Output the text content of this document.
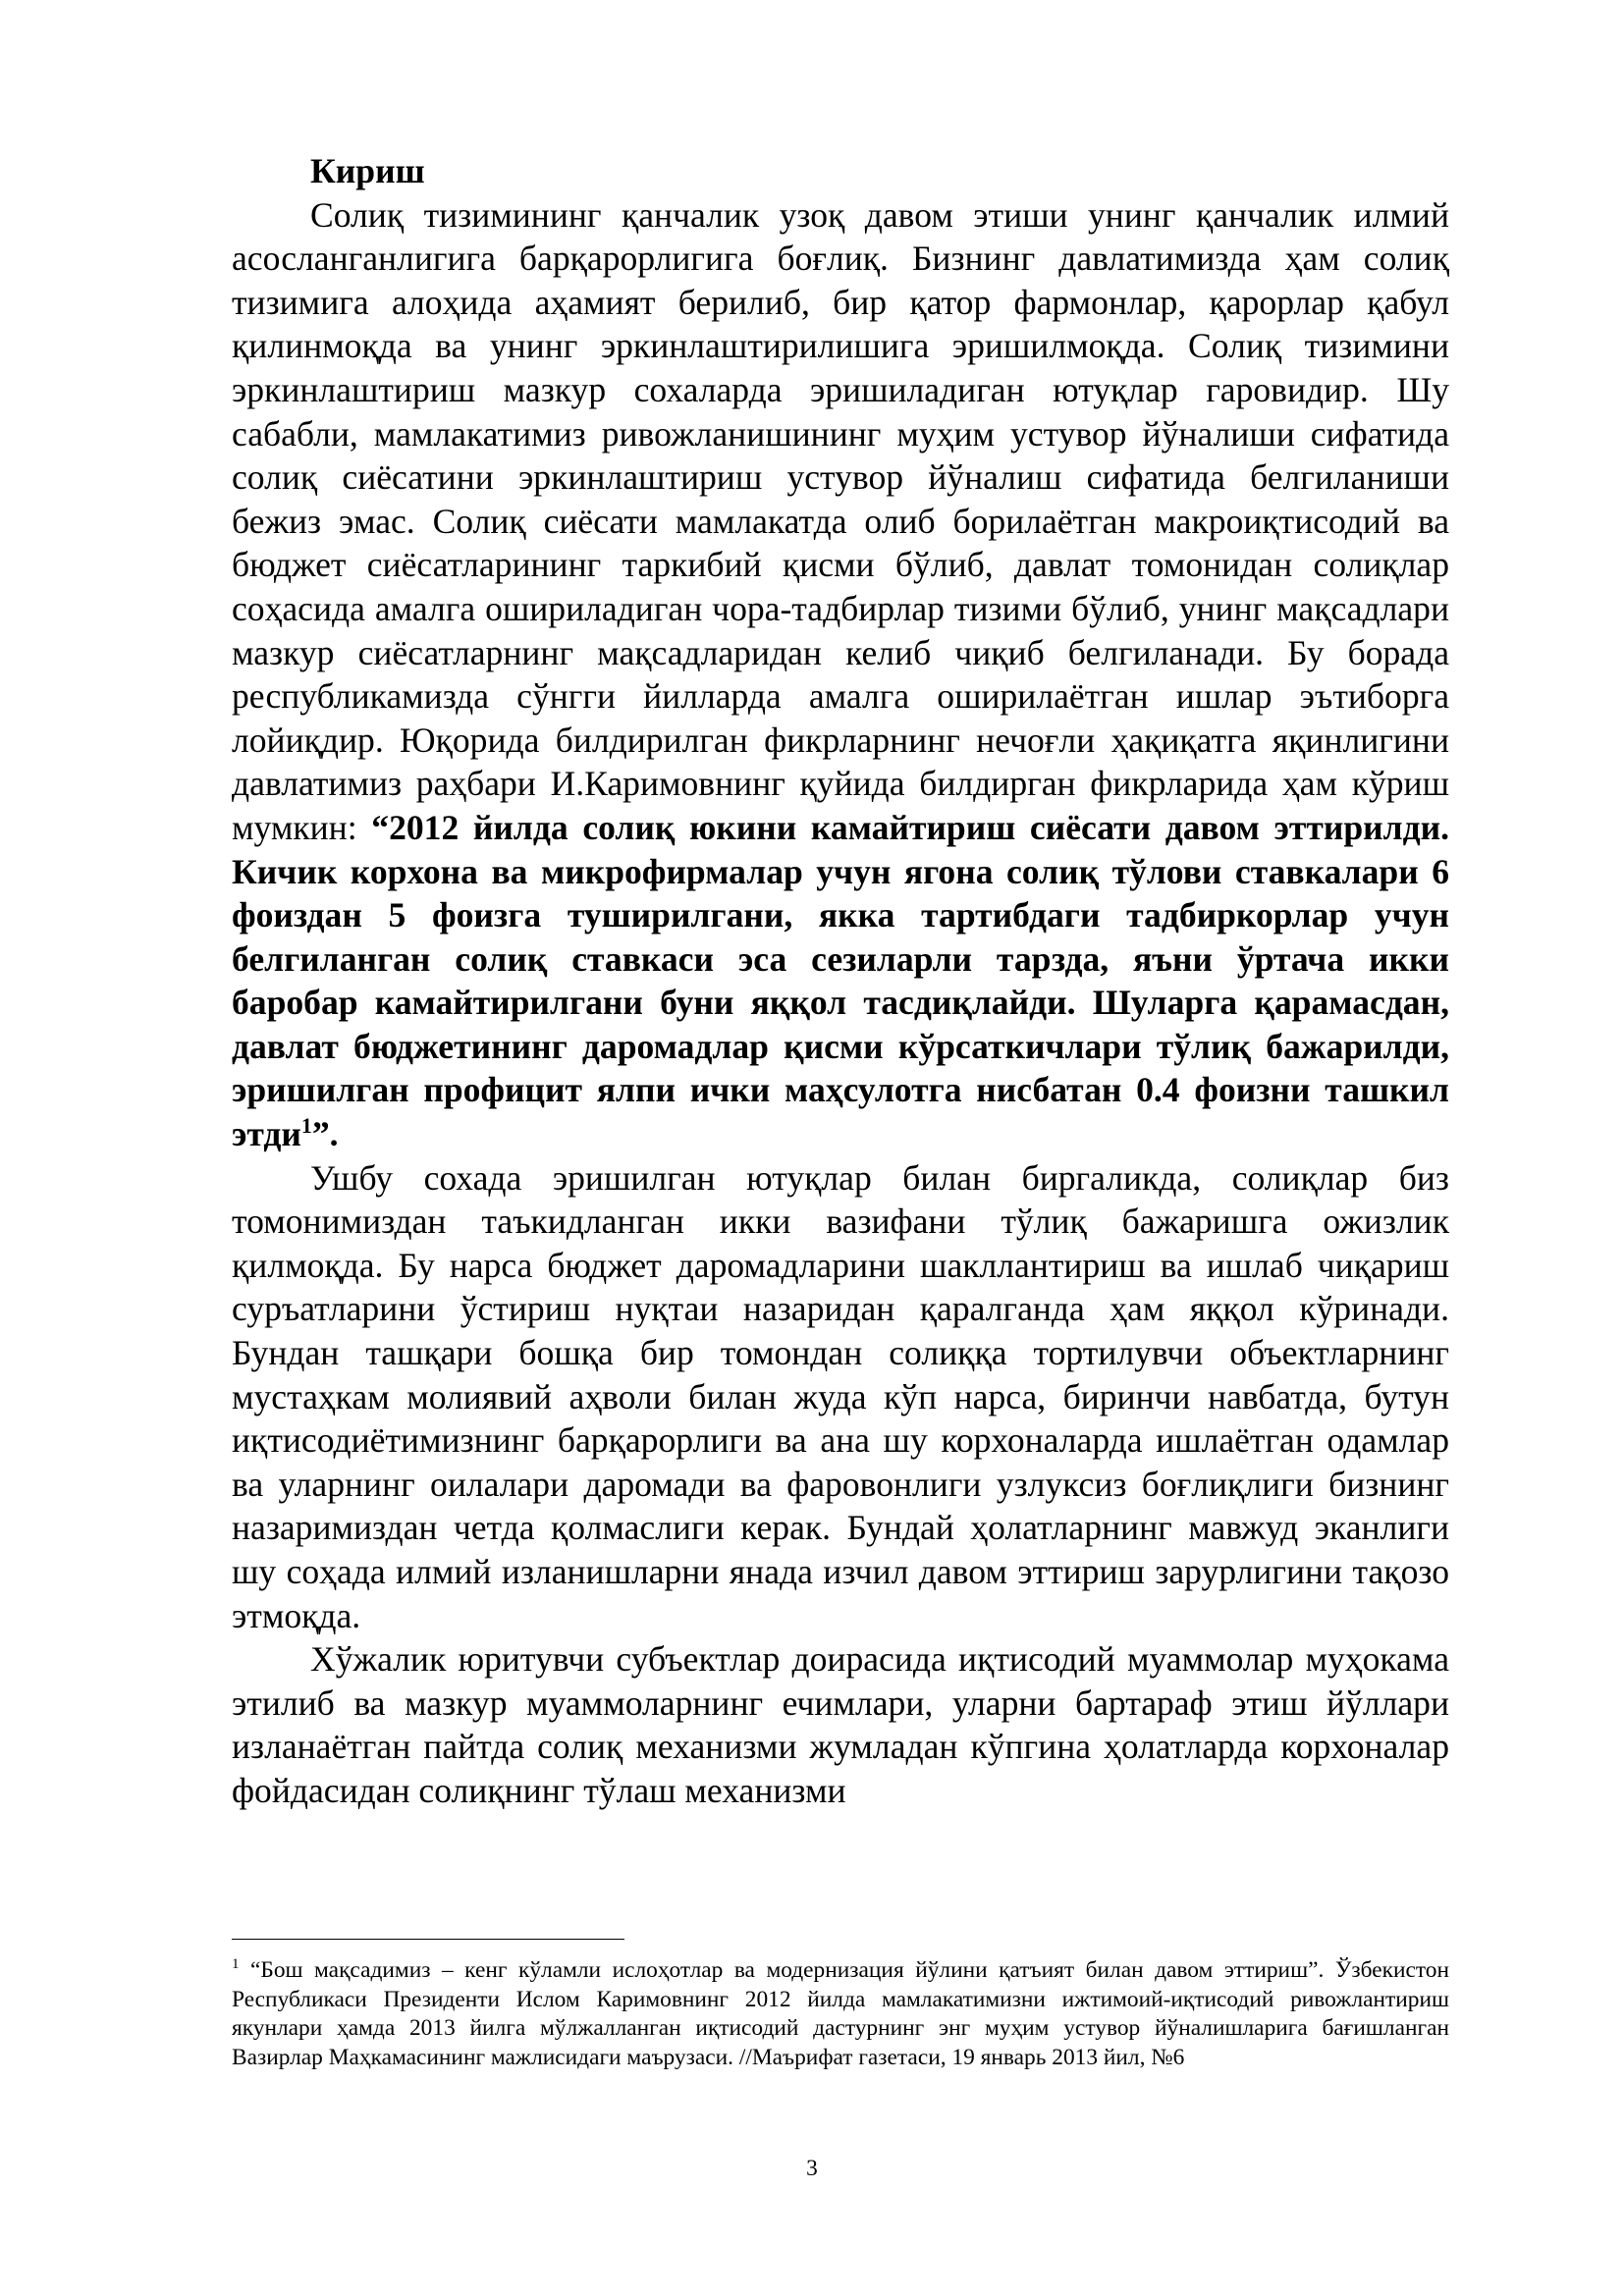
Кириш

Солиқ тизимининг қанчалик узоқ давом этиши унинг қанчалик илмий асосланганлигига барқарорлигига боғлиқ. Бизнинг давлатимизда ҳам солиқ тизимига алоҳида аҳамият берилиб, бир қатор фармонлар, қарорлар қабул қилинмоқда ва унинг эркинлаштирилишига эришилмоқда. Солиқ тизимини эркинлаштириш мазкур сохаларда эришиладиган ютуқлар гаровидир. Шу сабабли, мамлакатимиз ривожланишининг муҳим устувор йўналиши сифатида солиқ сиёсатини эркинлаштириш устувор йўналиш сифатида белгиланиши бежиз эмас. Солиқ сиёсати мамлакатда олиб борилаётган макроиқтисодий ва бюджет сиёсатларининг таркибий қисми бўлиб, давлат томонидан солиқлар соҳасида амалга ошириладиган чора-тадбирлар тизими бўлиб, унинг мақсадлари мазкур сиёсатларнинг мақсадларидан келиб чиқиб белгиланади. Бу борада республикамизда сўнгги йилларда амалга оширилаётган ишлар эътиборга лойиқдир. Юқорида билдирилган фикрларнинг нечоғли ҳақиқатга яқинлигини давлатимиз раҳбари И.Каримовнинг қуйида билдирган фикрларида ҳам кўриш мумкин: “2012 йилда солиқ юкини камайтириш сиёсати давом эттирилди. Кичик корхона ва микрофирмалар учун ягона солиқ тўлови ставкалари 6 фоиздан 5 фоизга туширилгани, якка тартибдаги тадбиркорлар учун белгиланган солиқ ставкаси эса сезиларли тарзда, яъни ўртача икки баробар камайтирилгани буни яққол тасдиқлайди. Шуларга қарамасдан, давлат бюджетининг даромадлар қисми кўрсаткичлари тўлиқ бажарилди, эришилган профицит ялпи ички маҳсулотга нисбатан 0.4 фоизни ташкил этди$^1$”.

Ушбу сохада эришилган ютуқлар билан биргаликда, солиқлар биз томонимиздан таъкидланган икки вазифани тўлиқ бажаришга ожизлик қилмоқда. Бу нарса бюджет даромадларини шакллантириш ва ишлаб чиқариш суръатларини ўстириш нуқтаи назаридан қаралганда ҳам яққол кўринади. Бундан ташқари бошқа бир томондан солиққа тортилувчи объектларнинг мустаҳкам молиявий аҳволи билан жуда кўп нарса, биринчи навбатда, бутун иқтисодиётимизнинг барқарорлиги ва ана шу корхоналарда ишлаётган одамлар ва уларнинг оилалари даромади ва фаровонлиги узлуксиз боғлиқлиги бизнинг назаримиздан четда қолмаслиги керак. Бундай ҳолатларнинг мавжуд эканлиги шу соҳада илмий изланишларни янада изчил давом эттириш зарурлигини тақозо этмоқда.

Хўжалик юритувчи субъектлар доирасида иқтисодий муаммолар муҳокама этилиб ва мазкур муаммоларнинг ечимлари, уларни бартараф этиш йўллари изланаётган пайтда солиқ механизми жумладан кўпгина ҳолатларда корхоналар фойдасидан солиқнинг тўлаш механизми

$^1$ “Бош мақсадимиз – кенг кўламли ислоҳотлар ва модернизация йўлини қатъият билан давом эттириш”. Ўзбекистон Республикаси Президенти Ислом Каримовнинг 2012 йилда мамлакатимизни ижтимоий-иқтисодий ривожлантириш якунлари ҳамда 2013 йилга мўлжалланган иқтисодий дастурнинг энг муҳим устувор йўналишларига бағишланган Вазирлар Маҳкамасининг мажлисидаги маърузаси. //Маърифат газетаси, 19 январь 2013 йил, №6

3
